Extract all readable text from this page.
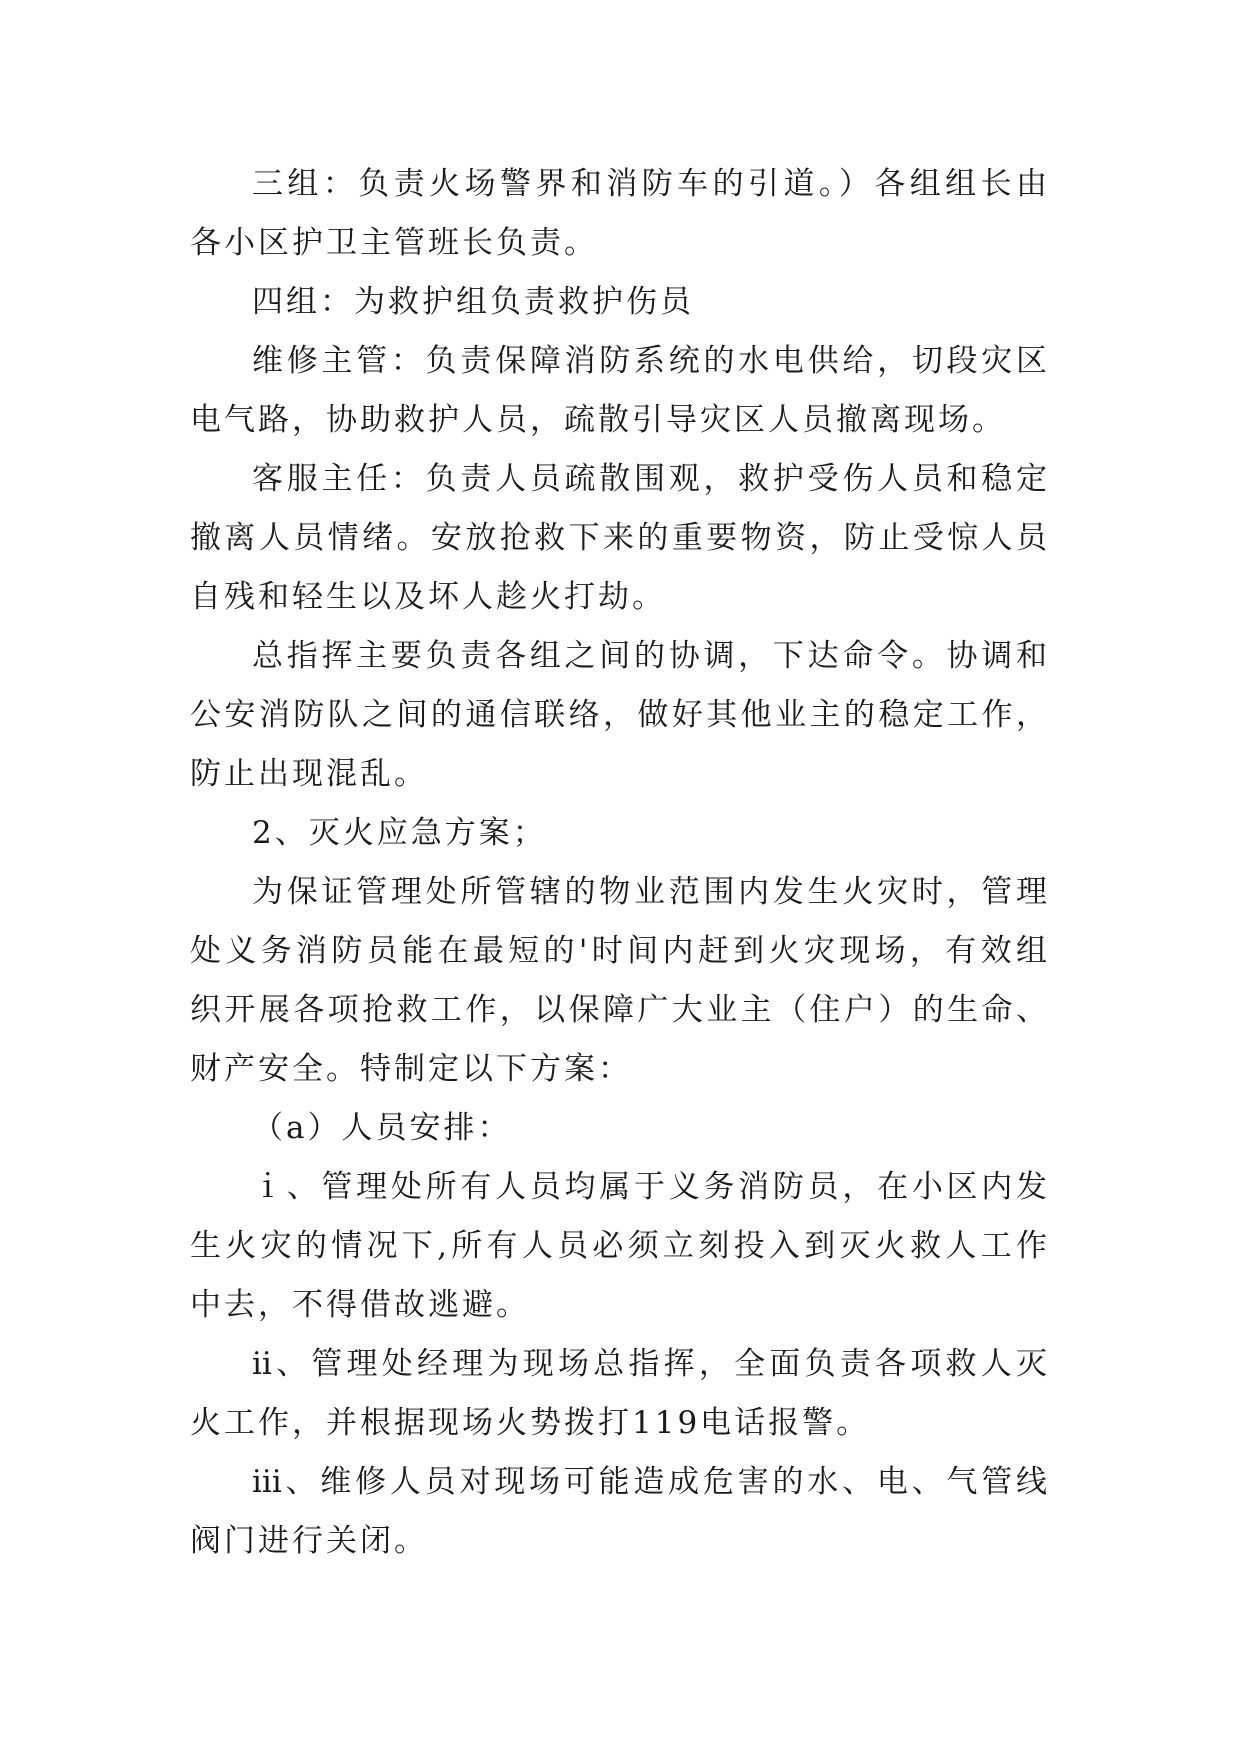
三组：负责火场警界和消防车的引道。）各组组长由各小区护卫主管班长负责。

四组：为救护组负责救护伤员

维修主管：负责保障消防系统的水电供给，切段灾区电气路，协助救护人员，疏散引导灾区人员撤离现场。

客服主任：负责人员疏散围观，救护受伤人员和稳定撤离人员情绪。安放抢救下来的重要物资，防止受惊人员自残和轻生以及坏人趁火打劫。

总指挥主要负责各组之间的协调，下达命令。协调和公安消防队之间的通信联络，做好其他业主的稳定工作，防止出现混乱。

2、灭火应急方案；

为保证管理处所管辖的物业范围内发生火灾时，管理处义务消防员能在最短的'时间内赶到火灾现场，有效组织开展各项抢救工作，以保障广大业主（住户）的生命、财产安全。特制定以下方案：

（a）人员安排：

ｉ、管理处所有人员均属于义务消防员，在小区内发生火灾的情况下,所有人员必须立刻投入到灭火救人工作中去，不得借故逃避。

ⅱ、管理处经理为现场总指挥，全面负责各项救人灭火工作，并根据现场火势拨打119电话报警。

ⅲ、维修人员对现场可能造成危害的水、电、气管线阀门进行关闭。
